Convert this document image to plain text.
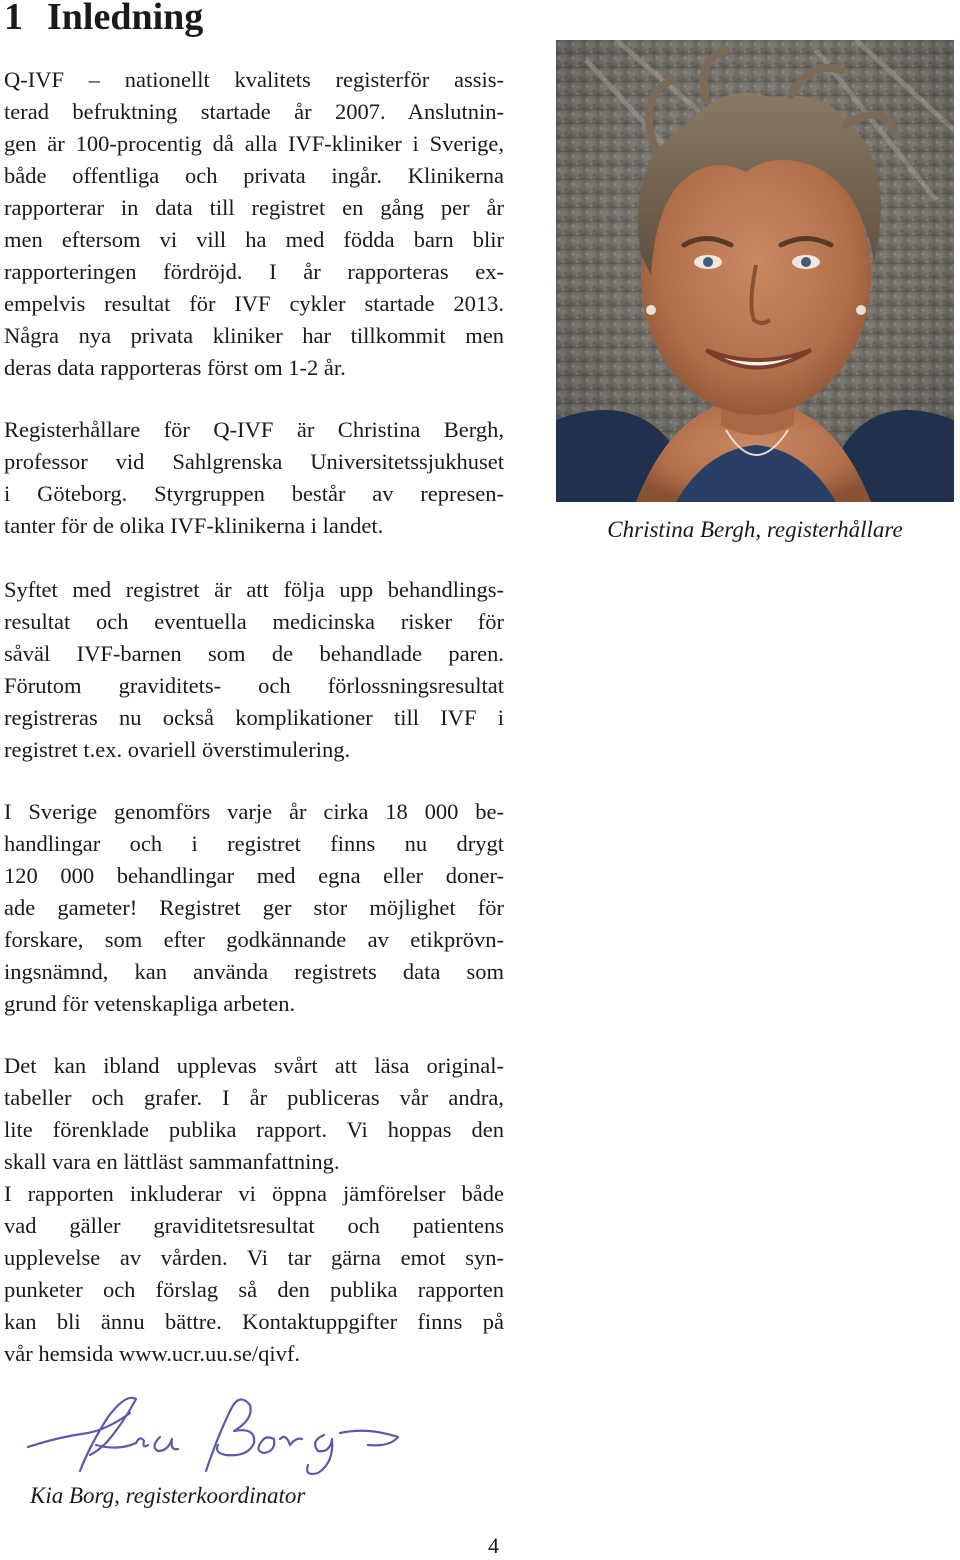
1 Inledning
Q-IVF – nationellt kvalitets registerför assis-
terad befruktning startade år 2007. Anslutnin-
gen är 100-procentig då alla IVF-kliniker i Sverige,
både offentliga och privata ingår. Klinikerna
rapporterar in data till registret en gång per år
men eftersom vi vill ha med födda barn blir
rapporteringen fördröjd. I år rapporteras ex-
empelvis resultat för IVF cykler startade 2013.
Några nya privata kliniker har tillkommit men
deras data rapporteras först om 1-2 år.
Registerhållare för Q-IVF är Christina Bergh,
professor vid Sahlgrenska Universitetssjukhuset
i Göteborg. Styrgruppen består av represen-
tanter för de olika IVF-klinikerna i landet.
Syftet med registret är att följa upp behandlings-
resultat och eventuella medicinska risker för
såväl IVF-barnen som de behandlade paren.
Förutom graviditets- och förlossningsresultat
registreras nu också komplikationer till IVF i
registret t.ex. ovariell överstimulering.
I Sverige genomförs varje år cirka 18 000 be-
handlingar och i registret finns nu drygt
120 000 behandlingar med egna eller doner-
ade gameter! Registret ger stor möjlighet för
forskare, som efter godkännande av etikprövn-
ingsnämnd, kan använda registrets data som
grund för vetenskapliga arbeten.
Det kan ibland upplevas svårt att läsa original-
tabeller och grafer. I år publiceras vår andra,
lite förenklade publika rapport. Vi hoppas den
skall vara en lättläst sammanfattning.
I rapporten inkluderar vi öppna jämförelser både
vad gäller graviditetsresultat och patientens
upplevelse av vården. Vi tar gärna emot syn-
punketer och förslag så den publika rapporten
kan bli ännu bättre. Kontaktuppgifter finns på
vår hemsida www.ucr.uu.se/qivf.
Christina Bergh, registerhållare
Kia Borg, registerkoordinator
4
